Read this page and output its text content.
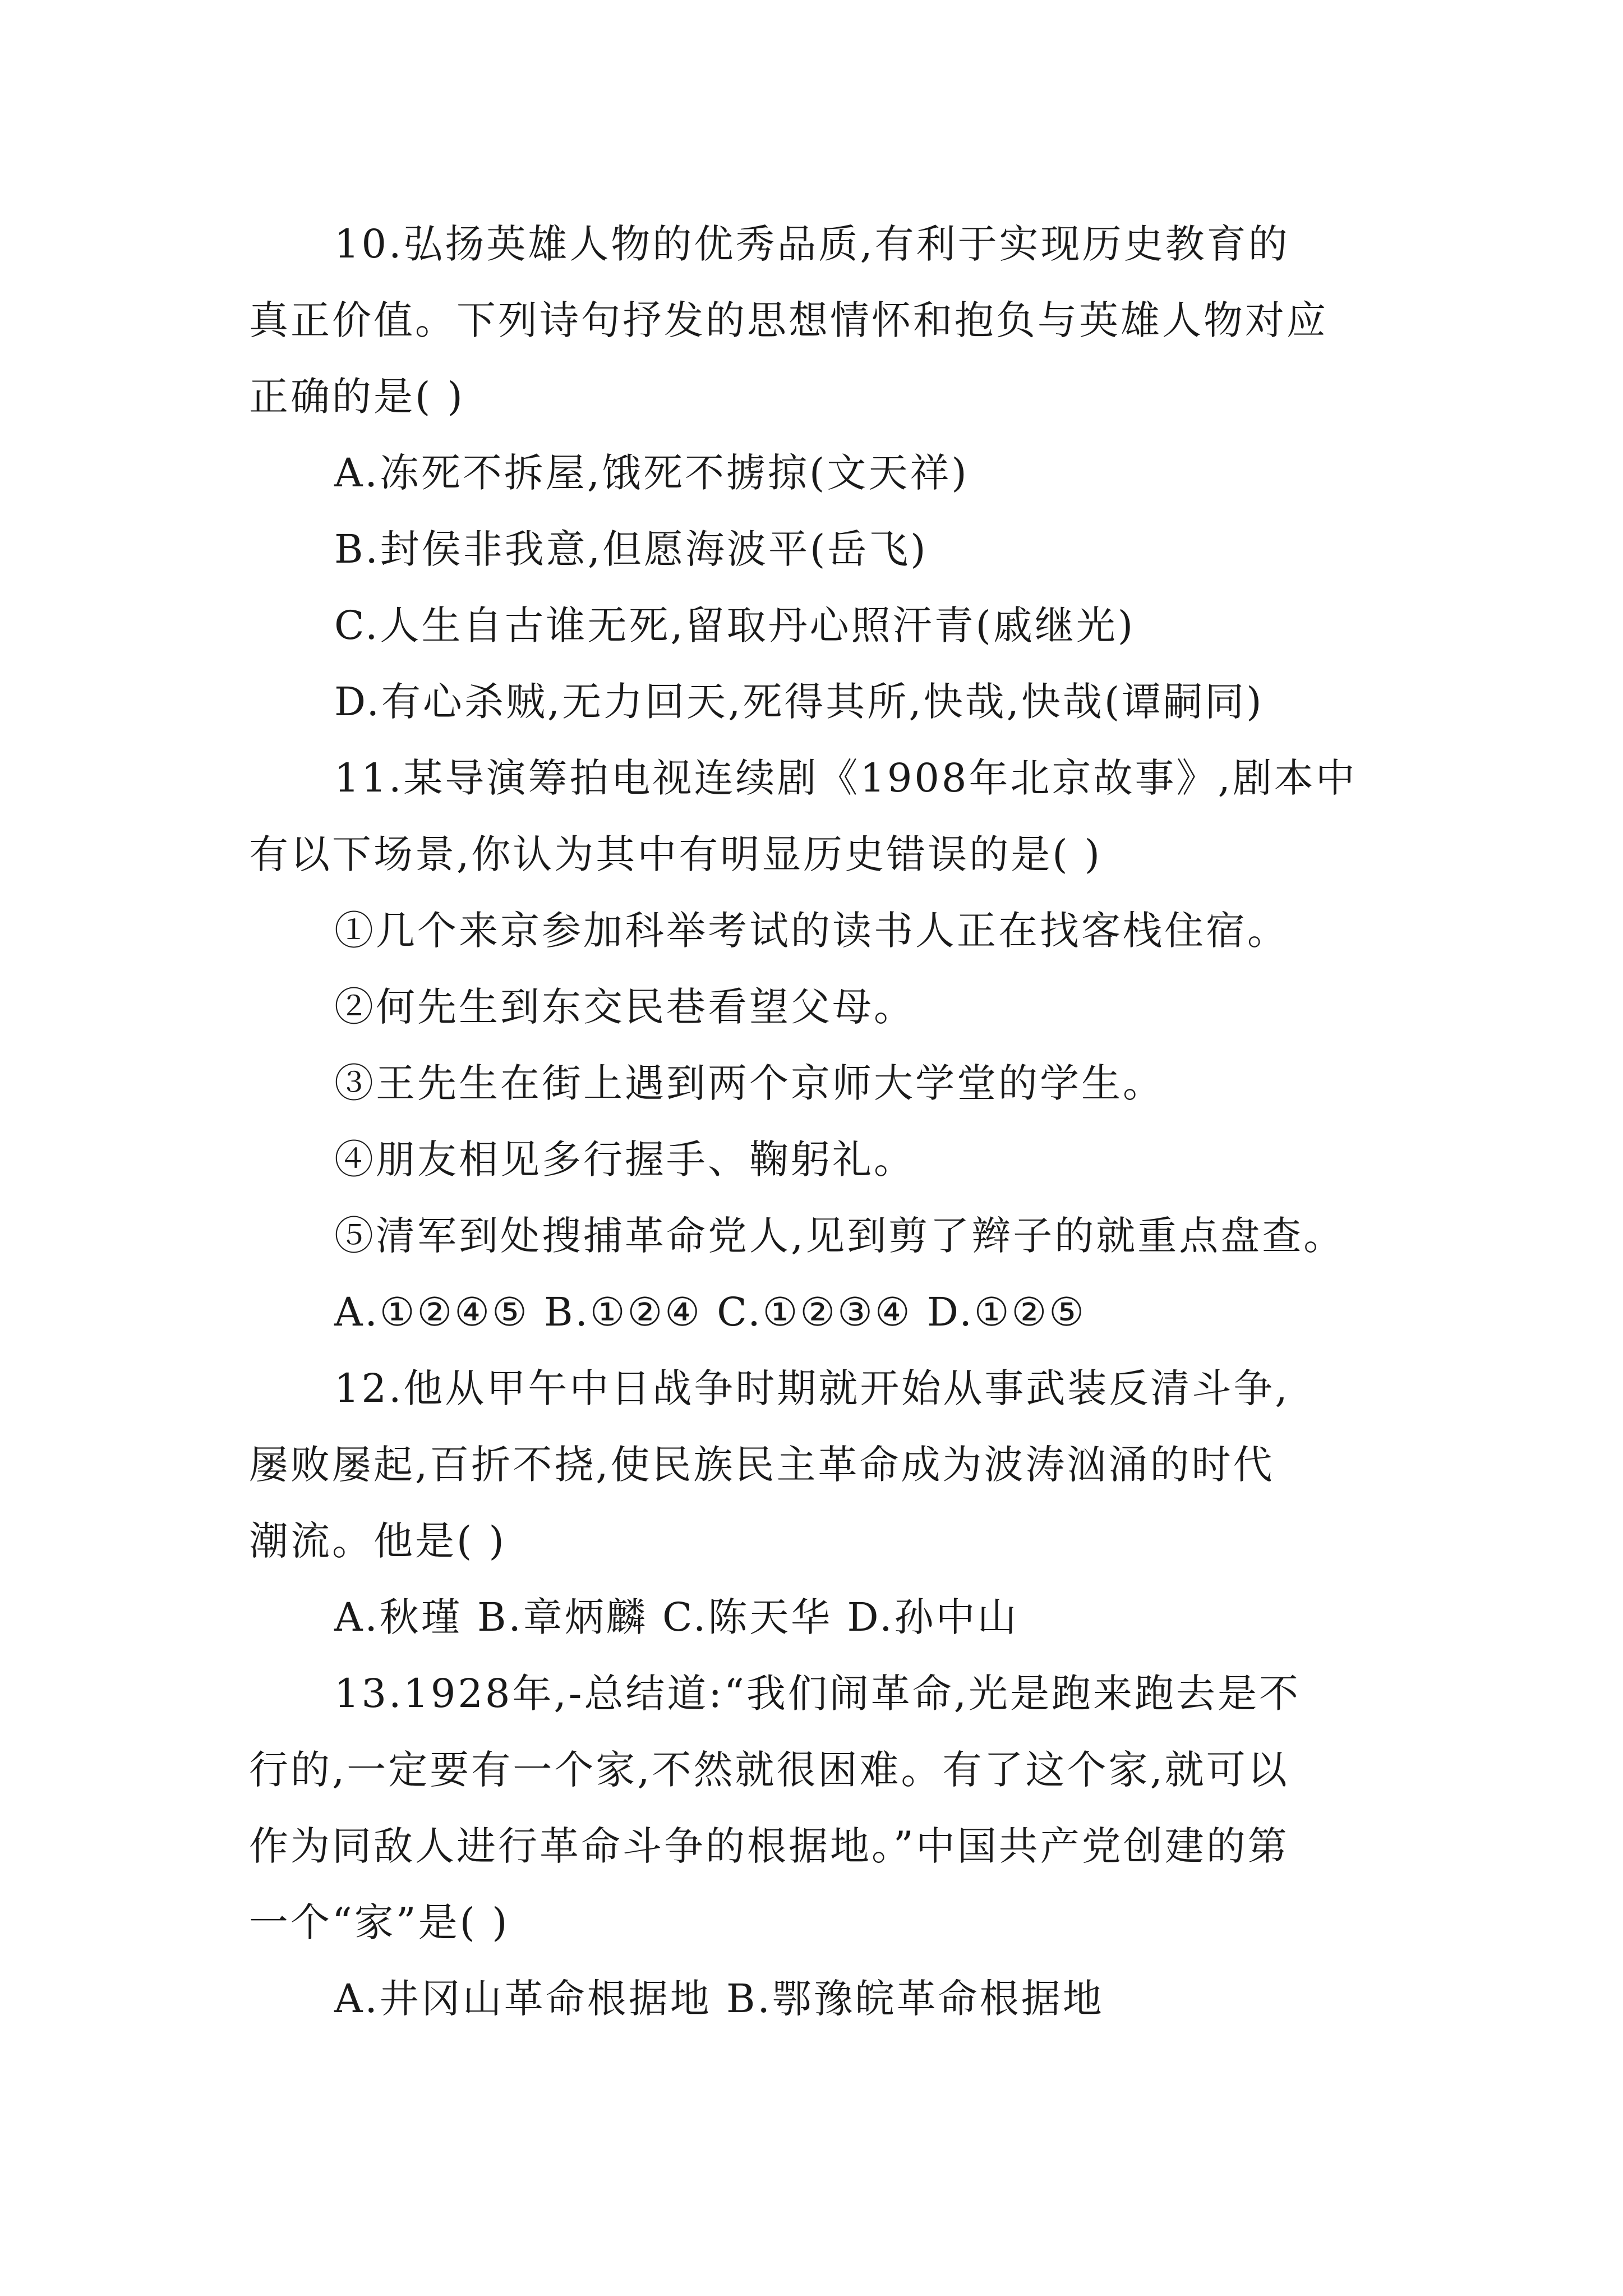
10.弘扬英雄人物的优秀品质,有利于实现历史教育的
真正价值。下列诗句抒发的思想情怀和抱负与英雄人物对应
正确的是( )
A.冻死不拆屋,饿死不掳掠(文天祥)
B.封侯非我意,但愿海波平(岳飞)
C.人生自古谁无死,留取丹心照汗青(戚继光)
D.有心杀贼,无力回天,死得其所,快哉,快哉(谭嗣同)
11.某导演筹拍电视连续剧《1908年北京故事》,剧本中
有以下场景,你认为其中有明显历史错误的是( )
①几个来京参加科举考试的读书人正在找客栈住宿。
②何先生到东交民巷看望父母。
③王先生在街上遇到两个京师大学堂的学生。
④朋友相见多行握手、鞠躬礼。
⑤清军到处搜捕革命党人,见到剪了辫子的就重点盘查。
A.①②④⑤ B.①②④ C.①②③④ D.①②⑤
12.他从甲午中日战争时期就开始从事武装反清斗争,
屡败屡起,百折不挠,使民族民主革命成为波涛汹涌的时代
潮流。他是( )
A.秋瑾 B.章炳麟 C.陈天华 D.孙中山
13.1928年,-总结道:“我们闹革命,光是跑来跑去是不
行的,一定要有一个家,不然就很困难。有了这个家,就可以
作为同敌人进行革命斗争的根据地。”中国共产党创建的第
一个“家”是( )
A.井冈山革命根据地 B.鄂豫皖革命根据地
